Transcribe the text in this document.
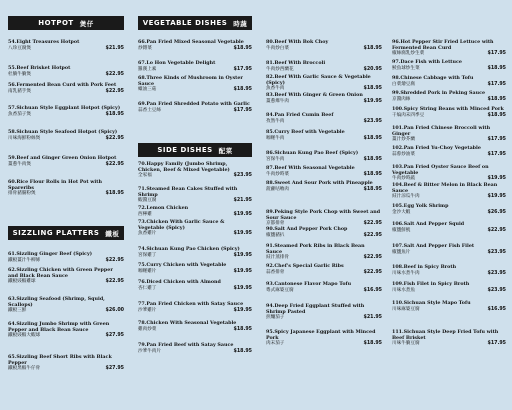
HOTPOT 煲仔
54.Eight Treasures Hotpot
八珍豆腐煲	$21.95
55.Beef Brisket Hotpot
杜腩牛腩煲	$22.95
56.Fermented Bean Curd with Pork Feet
南乳豬手煲	$22.95
57.Sichuan Style Eggplant Hotpot (Spicy)
魚香茄子煲	$18.95
58.Sichuan Style Seafood Hotpot (Spicy)
川味海鮮粉絲煲	$22.95
59.Beef and Ginger Green Onion Hotpot
薑蔥牛肉煲	$22.95
60.Rice Flour Rolls in Hot Pot with Spareribs
排骨豬腸粉煲	$18.95
SIZZLING PLATTERS 鐵板
61.Sizzling Ginger Beef (Spicy)
鐵板薑汁牛柳條	$22.95
62.Sizzling Chicken with Green Pepper and Black Bean Sauce
鐵板豉椒雞球	$22.95
63.Sizzling Seafood (Shrimp, Squid, Scallops)
鐵板三鮮	$26.00
64.Sizzling Jumbo Shrimp with Green Pepper and Black Bean Sauce
鐵板豉椒大蝦球	$27.95
65.Sizzling Beef Short Ribs with Black Pepper
鐵板黑椒牛仔骨	$27.95
VEGETABLE DISHES 時蔬
66.Pan Fried Mixed Seasonal Vegetable
炒雜菜	$18.95
67.Lo Hon Vegetable Delight
羅漢上素	$17.95
68.Three Kinds of Mushroom in Oyster Sauce
蠔油三菇	$18.95
69.Pan Fried Shredded Potato with Garlic
蒜香土豆絲	$17.95
SIDE DISHES 配菜
70.Happy Family (Jumbo Shrimp, Chicken, Beef & Mixed Vegetable)
全家福	$23.95
71.Steamed Bean Cakes Stuffed with Shrimp
蝦醬豆腐	$21.95
72.Lemon Chicken
西檸雞	$19.95
73.Chicken With Garlic Sauce & Vegetable (Spicy)
魚香雞片	$19.95
74.Sichuan Kung Pao Chicken (Spicy)
宮保雞丁	$19.95
75.Curry Chicken with Vegetable
咖喱雞片	$19.95
76.Diced Chicken with Almond
杏仁雞丁	$19.95
77.Pan Fried Chicken with Satay Sauce
沙爹雞片	$19.95
78.Chicken With Seasonal Vegetable
雞肉炒菜	$18.95
79.Pan Fried Beef with Satay Sauce
沙爹牛肉片	$18.95
80.Beef With Bok Choy
牛肉炒白菜	$18.95
81.Beef With Broccoli
牛肉炒西蘭花	$20.95
82.Beef With Garlic Sauce & Vegetable (Spicy)
魚香牛肉	$18.95
83.Beef With Ginger & Green Onion
薑蔥爆牛肉	$19.95
84.Pan Fried Cumin Beef
孜然牛肉	$23.95
85.Curry Beef with Vegetable
咖喱牛肉	$18.95
86.Sichuan Kung Pao Beef (Spicy)
宮保牛肉	$18.95
87.Beef With Seasonal Vegetable
牛肉炒時菜	$18.95
88.Sweet And Sour Pork with Pineapple
菠蘿咕嚕肉	$18.95
89.Peking Style Pork Chop with Sweet and Sour Sauce
京都排骨	$22.95
90.Salt And Pepper Pork Chop
椒鹽豬扒	$22.95
91.Steamed Pork Ribs in Black Bean Sauce
豉汁蒸排骨	$22.95
92.Chef's Special Garlic Ribs
蒜香排骨	$22.95
93.Cantonese Flavor Mapo Tofu
粵式麻婆豆腐	$16.95
94.Deep Fried Eggplant Stuffed with Shrimp Pasted
煎釀茄子	$21.95
95.Spicy Japanese Eggplant with Minced Pork
肉末茄子	$18.95
96.Hot Pepper Stir Fried Lettuce with Fermented Bean Curd
椒絲腐乳炒生菜	$17.95
97.Dace Fish with Lettuce
鯪魚球炒生菜	$18.95
98.Chinese Cabbage with Tofu
白菜燴豆腐	$17.95
99.Shredded Pork in Peking Sauce
京醬肉絲	$18.95
100.Spicy String Beans with Minced Pork
干煸肉末四季豆	$18.95
101.Pan Fried Chinese Broccoli with Ginger
薑汁炒芥蘭	$17.95
102.Pan Fried Yu-Choy Vegetable
蒜蓉炒油菜	$17.95
103.Pan Fried Oyster Sauce Beef on Vegetable
牛肉炒時蔬	$19.95
104.Beef & Bitter Melon in Black Bean Sauce
豉汁涼瓜牛肉	$19.95
105.Egg Yolk Shrimp
金沙大蝦	$26.95
106.Salt And Pepper Squid
椒鹽鮮魷	$22.95
107.Salt And Pepper Fish Filet
椒鹽魚片	$23.95
108.Beef in Spicy Broth
川味水煮牛肉	$23.95
109.Fish Filet in Spicy Broth
川味水煮魚	$23.95
110.Sichuan Style Mapo Tofu
川味麻婆豆腐	$16.95
111.Sichuan Style Deep Fried Tofu with Beef Brisket
川味牛腩豆腐	$17.95
